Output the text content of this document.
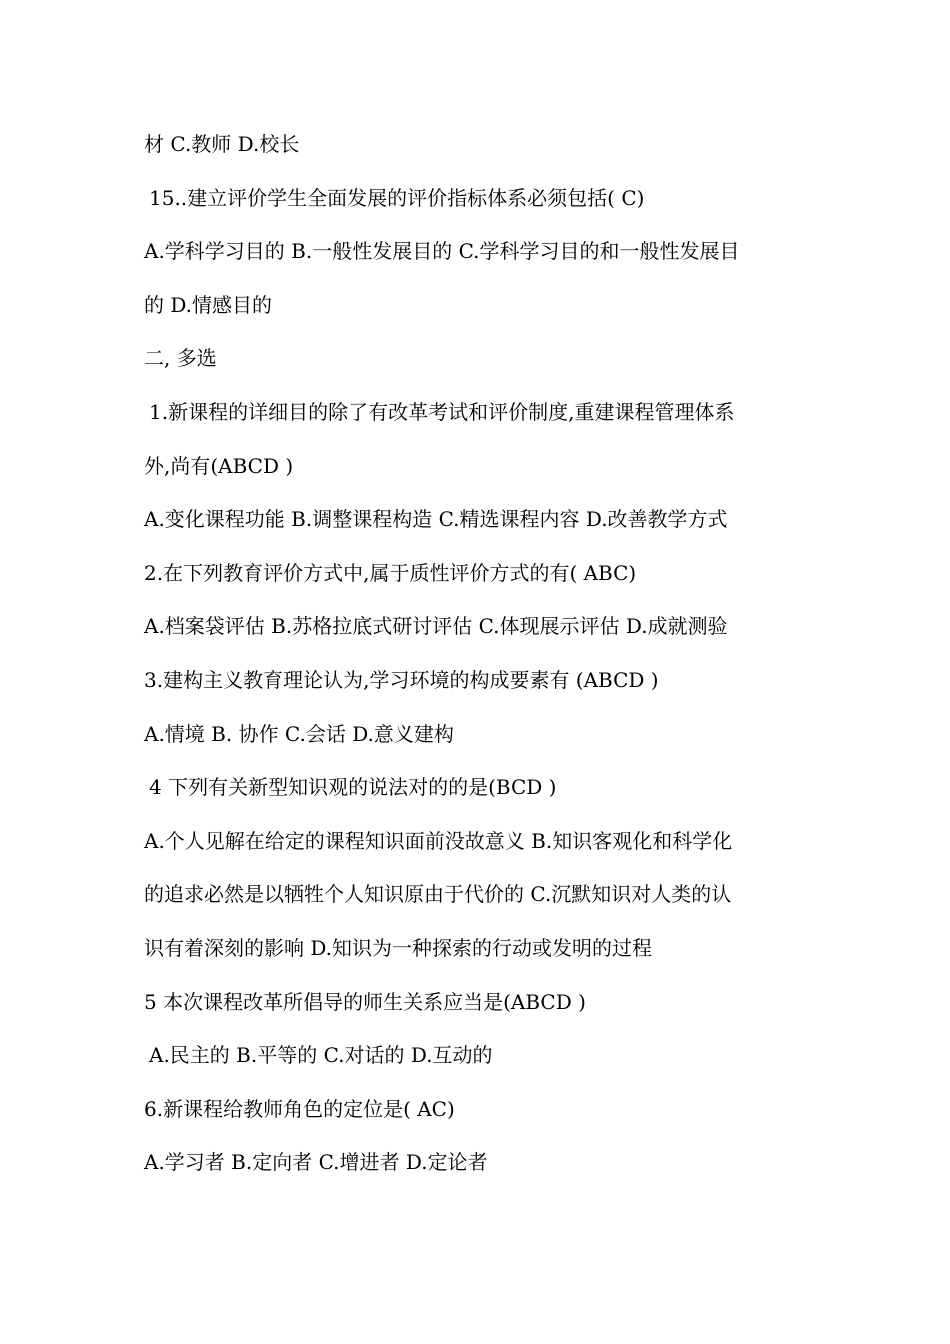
材 C.教师 D.校长
15..建立评价学生全面发展的评价指标体系必须包括( C)
A.学科学习目的 B.一般性发展目的 C.学科学习目的和一般性发展目
的 D.情感目的
二, 多选
1.新课程的详细目的除了有改革考试和评价制度,重建课程管理体系
外,尚有(ABCD )
A.变化课程功能 B.调整课程构造 C.精选课程内容 D.改善教学方式
2.在下列教育评价方式中,属于质性评价方式的有( ABC)
A.档案袋评估 B.苏格拉底式研讨评估 C.体现展示评估 D.成就测验
3.建构主义教育理论认为,学习环境的构成要素有 (ABCD )
A.情境 B. 协作 C.会话 D.意义建构
4 下列有关新型知识观的说法对的的是(BCD )
A.个人见解在给定的课程知识面前没故意义 B.知识客观化和科学化
的追求必然是以牺牲个人知识原由于代价的 C.沉默知识对人类的认
识有着深刻的影响 D.知识为一种探索的行动或发明的过程
5 本次课程改革所倡导的师生关系应当是(ABCD )
A.民主的 B.平等的 C.对话的 D.互动的
6.新课程给教师角色的定位是( AC)
A.学习者 B.定向者 C.增进者 D.定论者
